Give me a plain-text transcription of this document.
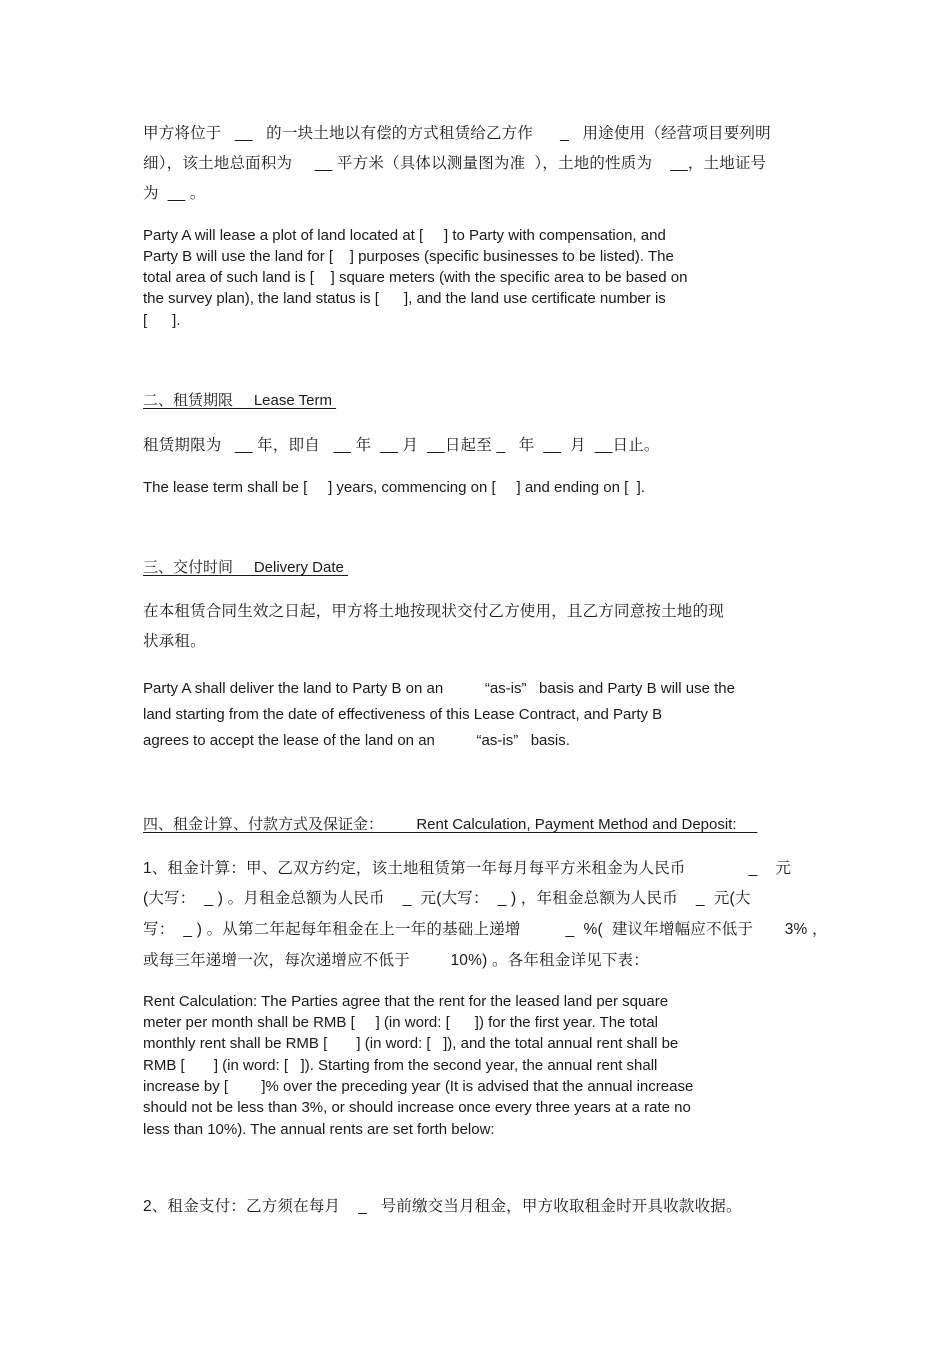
甲方将位于   __   的一块土地以有偿的方式租赁给乙方作      _   用途使用（经营项目要列明
细），该土地总面积为     __ 平方米（具体以测量图为准  ），土地的性质为    __，土地证号
为  __ 。
Party A will lease a plot of land located at [     ] to Party with compensation, and
Party B will use the land for [    ] purposes (specific businesses to be listed). The
total area of such land is [    ] square meters (with the specific area to be based on
the survey plan), the land status is [      ], and the land use certificate number is
[      ].
二、租赁期限     Lease Term
租赁期限为   __ 年，即自   __ 年  __ 月  __日起至 _   年  __  月  __日止。
The lease term shall be [     ] years, commencing on [     ] and ending on [  ].
三、交付时间     Delivery Date
在本租赁合同生效之日起，甲方将土地按现状交付乙方使用，且乙方同意按土地的现
状承租。
Party A shall deliver the land to Party B on an          “as-is”   basis and Party B will use the
land starting from the date of effectiveness of this Lease Contract, and Party B
agrees to accept the lease of the land on an          “as-is”   basis.
四、租金计算、付款方式及保证金：        Rent Calculation, Payment Method and Deposit:
1、租金计算：甲、乙双方约定，该土地租赁第一年每月每平方米租金为人民币              _    元
(大写：  _ ) 。月租金总额为人民币    _  元(大写：  _ ) ，年租金总额为人民币    _  元(大
写：  _ ) 。从第二年起每年租金在上一年的基础上递增          _  %(  建议年增幅应不低于       3% ，
或每三年递增一次，每次递增应不低于         10%) 。各年租金详见下表：
Rent Calculation: The Parties agree that the rent for the leased land per square
meter per month shall be RMB [     ] (in word: [      ]) for the first year. The total
monthly rent shall be RMB [       ] (in word: [   ]), and the total annual rent shall be
RMB [       ] (in word: [   ]). Starting from the second year, the annual rent shall
increase by [        ]% over the preceding year (It is advised that the annual increase
should not be less than 3%, or should increase once every three years at a rate no
less than 10%). The annual rents are set forth below:
2、租金支付：乙方须在每月    _   号前缴交当月租金，甲方收取租金时开具收款收据。
